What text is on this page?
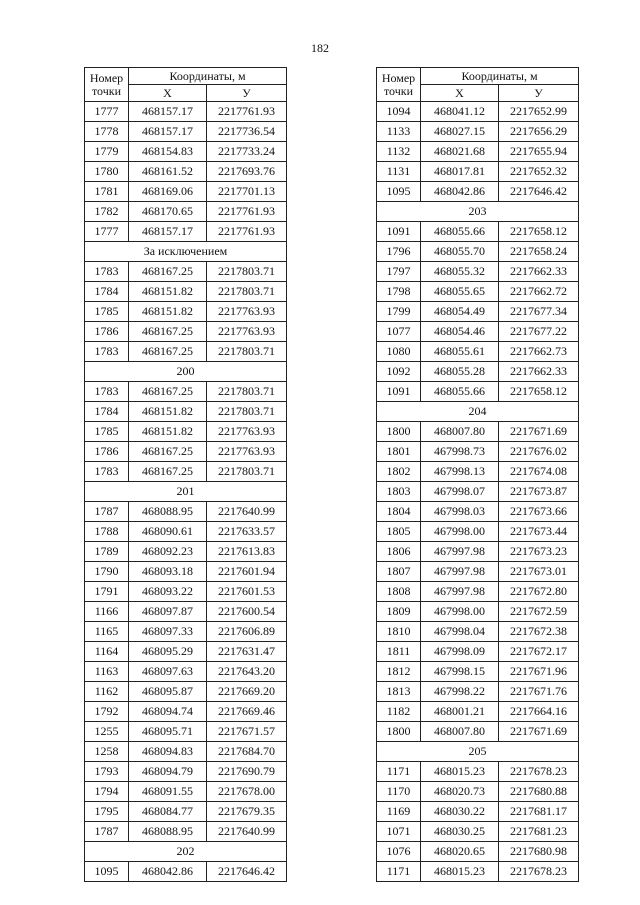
182
Номер
точки	Координаты, м	
	X	У
1777	468157.17	2217761.93
1778	468157.17	2217736.54
1779	468154.83	2217733.24
1780	468161.52	2217693.76
1781	468169.06	2217701.13
1782	468170.65	2217761.93
1777	468157.17	2217761.93
За исключением		
1783	468167.25	2217803.71
1784	468151.82	2217803.71
1785	468151.82	2217763.93
1786	468167.25	2217763.93
1783	468167.25	2217803.71
200		
1783	468167.25	2217803.71
1784	468151.82	2217803.71
1785	468151.82	2217763.93
1786	468167.25	2217763.93
1783	468167.25	2217803.71
201		
1787	468088.95	2217640.99
1788	468090.61	2217633.57
1789	468092.23	2217613.83
1790	468093.18	2217601.94
1791	468093.22	2217601.53
1166	468097.87	2217600.54
1165	468097.33	2217606.89
1164	468095.29	2217631.47
1163	468097.63	2217643.20
1162	468095.87	2217669.20
1792	468094.74	2217669.46
1255	468095.71	2217671.57
1258	468094.83	2217684.70
1793	468094.79	2217690.79
1794	468091.55	2217678.00
1795	468084.77	2217679.35
1787	468088.95	2217640.99
202		
1095	468042.86	2217646.42
Номер
точки	Координаты, м	
	X	У
1094	468041.12	2217652.99
1133	468027.15	2217656.29
1132	468021.68	2217655.94
1131	468017.81	2217652.32
1095	468042.86	2217646.42
203		
1091	468055.66	2217658.12
1796	468055.70	2217658.24
1797	468055.32	2217662.33
1798	468055.65	2217662.72
1799	468054.49	2217677.34
1077	468054.46	2217677.22
1080	468055.61	2217662.73
1092	468055.28	2217662.33
1091	468055.66	2217658.12
204		
1800	468007.80	2217671.69
1801	467998.73	2217676.02
1802	467998.13	2217674.08
1803	467998.07	2217673.87
1804	467998.03	2217673.66
1805	467998.00	2217673.44
1806	467997.98	2217673.23
1807	467997.98	2217673.01
1808	467997.98	2217672.80
1809	467998.00	2217672.59
1810	467998.04	2217672.38
1811	467998.09	2217672.17
1812	467998.15	2217671.96
1813	467998.22	2217671.76
1182	468001.21	2217664.16
1800	468007.80	2217671.69
205		
1171	468015.23	2217678.23
1170	468020.73	2217680.88
1169	468030.22	2217681.17
1071	468030.25	2217681.23
1076	468020.65	2217680.98
1171	468015.23	2217678.23
